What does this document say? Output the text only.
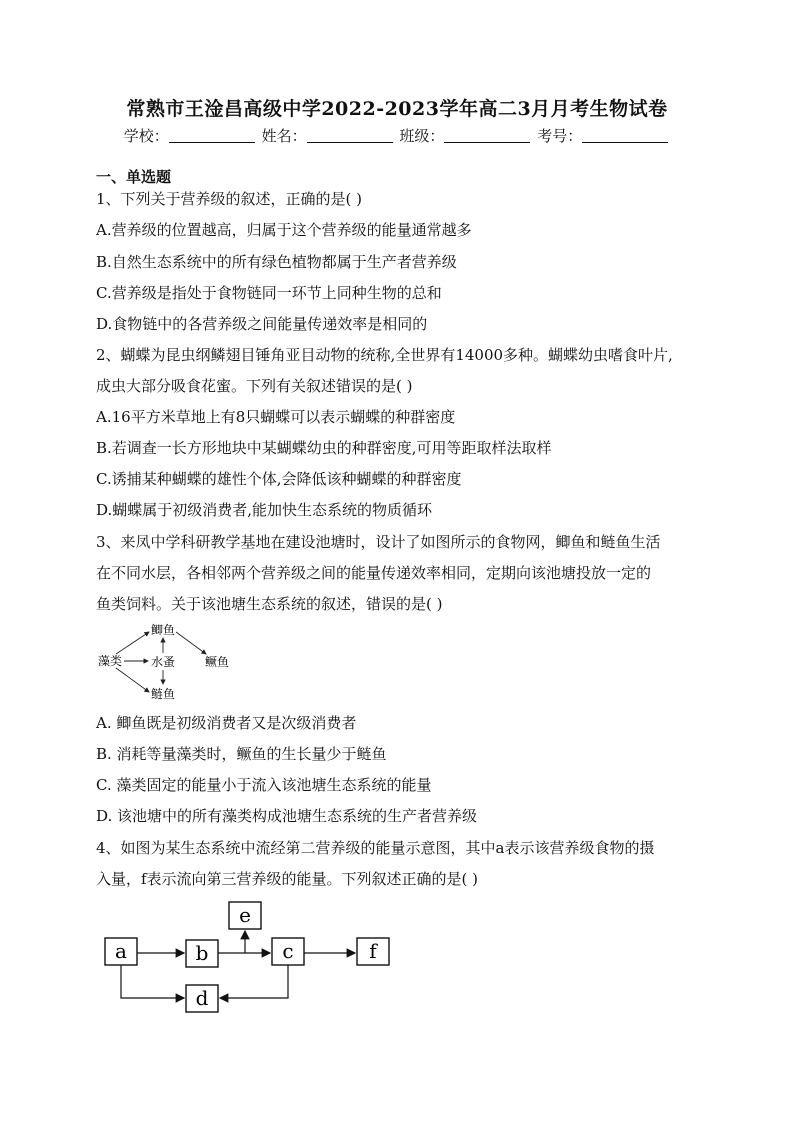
常熟市王淦昌高级中学2022-2023学年高二3月月考生物试卷
学校：	姓名：	班级：	考号：
一、单选题
1、下列关于营养级的叙述，正确的是( )
A.营养级的位置越高，归属于这个营养级的能量通常越多
B.自然生态系统中的所有绿色植物都属于生产者营养级
C.营养级是指处于食物链同一环节上同种生物的总和
D.食物链中的各营养级之间能量传递效率是相同的
2、蝴蝶为昆虫纲鳞翅目锤角亚目动物的统称,全世界有14000多种。蝴蝶幼虫嗜食叶片,
成虫大部分吸食花蜜。下列有关叙述错误的是( )
A.16平方米草地上有8只蝴蝶可以表示蝴蝶的种群密度
B.若调查一长方形地块中某蝴蝶幼虫的种群密度,可用等距取样法取样
C.诱捕某种蝴蝶的雄性个体,会降低该种蝴蝶的种群密度
D.蝴蝶属于初级消费者,能加快生态系统的物质循环
3、来凤中学科研教学基地在建设池塘时，设计了如图所示的食物网，鲫鱼和鲢鱼生活
在不同水层，各相邻两个营养级之间的能量传递效率相同，定期向该池塘投放一定的
鱼类饲料。关于该池塘生态系统的叙述，错误的是( )
藻类
鲫鱼
水蚤 鳜鱼
鲢鱼
A. 鲫鱼既是初级消费者又是次级消费者
B. 消耗等量藻类时，鳜鱼的生长量少于鲢鱼
C. 藻类固定的能量小于流入该池塘生态系统的能量
D. 该池塘中的所有藻类构成池塘生态系统的生产者营养级
4、如图为某生态系统中流经第二营养级的能量示意图，其中a表示该营养级食物的摄
入量，f表示流向第三营养级的能量。下列叙述正确的是( )
a	b	c	f
e
d
